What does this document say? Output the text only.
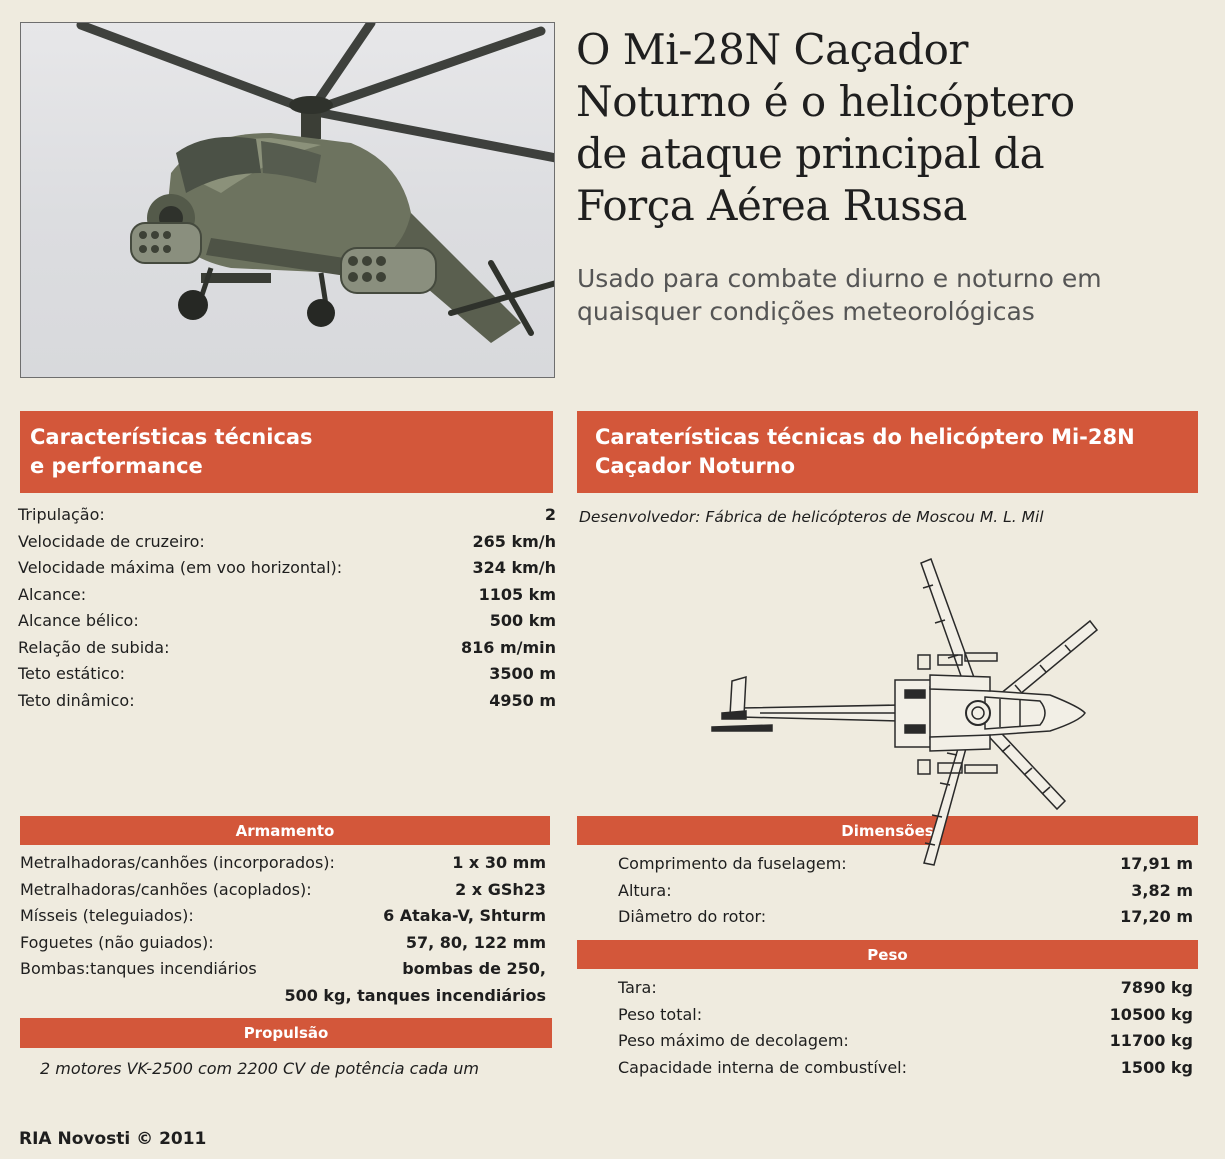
O Mi-28N Caçador
Noturno é o helicóptero
de ataque principal da
Força Aérea Russa
Usado para combate diurno e noturno em
quaisquer condições meteorológicas
Características técnicas
e performance
Tripulação:	2
Velocidade de cruzeiro:	265 km/h
Velocidade máxima (em voo horizontal):	324 km/h
Alcance:	1105 km
Alcance bélico:	500 km
Relação de subida:	816 m/min
Teto estático:	3500 m
Teto dinâmico:	4950 m
Armamento
Metralhadoras/canhões (incorporados):	1 x 30 mm
Metralhadoras/canhões (acoplados):	2 x GSh23
Mísseis (teleguiados):	6 Ataka-V, Shturm
Foguetes (não guiados):	57, 80, 122 mm
Bombas:tanques incendiários	bombas de 250,
500 kg, tanques incendiários
Propulsão
2 motores VK-2500 com 2200 CV de potência cada um
Caraterísticas técnicas do helicóptero Mi-28N
Caçador Noturno
Desenvolvedor: Fábrica de helicópteros de Moscou M. L. Mil
Dimensões
Comprimento da fuselagem:	17,91 m
Altura:	3,82 m
Diâmetro do rotor:	17,20 m
Peso
Tara:	7890 kg
Peso total:	10500 kg
Peso máximo de decolagem:	11700 kg
Capacidade interna de combustível:	1500 kg
RIA Novosti © 2011
